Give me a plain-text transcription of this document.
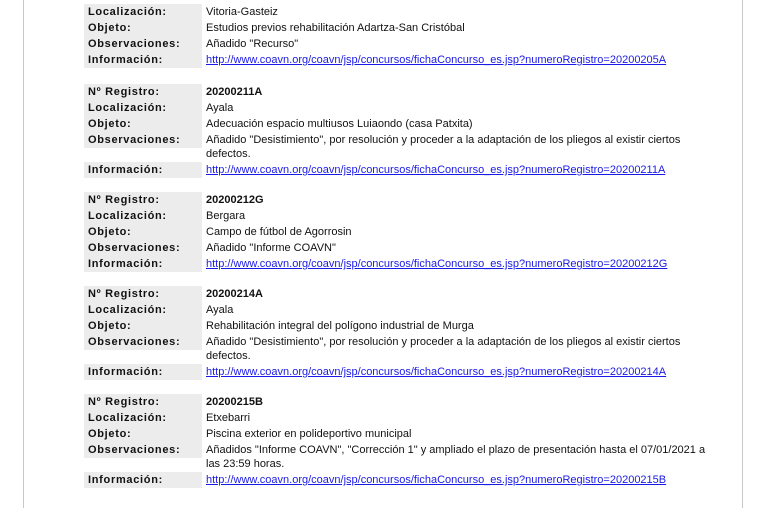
Localización:	Vitoria-Gasteiz
Objeto:	Estudios previos rehabilitación Adartza-San Cristóbal
Observaciones:	Añadido "Recurso"
Información:	http://www.coavn.org/coavn/jsp/concursos/fichaConcurso_es.jsp?numeroRegistro=20200205A
Nº Registro:	20200211A
Localización:	Ayala
Objeto:	Adecuación espacio multiusos Luiaondo (casa Patxita)
Observaciones:	Añadido "Desistimiento", por resolución y proceder a la adaptación de los pliegos al existir ciertos defectos.
Información:	http://www.coavn.org/coavn/jsp/concursos/fichaConcurso_es.jsp?numeroRegistro=20200211A
Nº Registro:	20200212G
Localización:	Bergara
Objeto:	Campo de fútbol de Agorrosin
Observaciones:	Añadido "Informe COAVN"
Información:	http://www.coavn.org/coavn/jsp/concursos/fichaConcurso_es.jsp?numeroRegistro=20200212G
Nº Registro:	20200214A
Localización:	Ayala
Objeto:	Rehabilitación integral del polígono industrial de Murga
Observaciones:	Añadido "Desistimiento", por resolución y proceder a la adaptación de los pliegos al existir ciertos defectos.
Información:	http://www.coavn.org/coavn/jsp/concursos/fichaConcurso_es.jsp?numeroRegistro=20200214A
Nº Registro:	20200215B
Localización:	Etxebarri
Objeto:	Piscina exterior en polideportivo municipal
Observaciones:	Añadidos "Informe COAVN", "Corrección 1" y ampliado el plazo de presentación hasta el 07/01/2021 a las 23:59 horas.
Información:	http://www.coavn.org/coavn/jsp/concursos/fichaConcurso_es.jsp?numeroRegistro=20200215B
